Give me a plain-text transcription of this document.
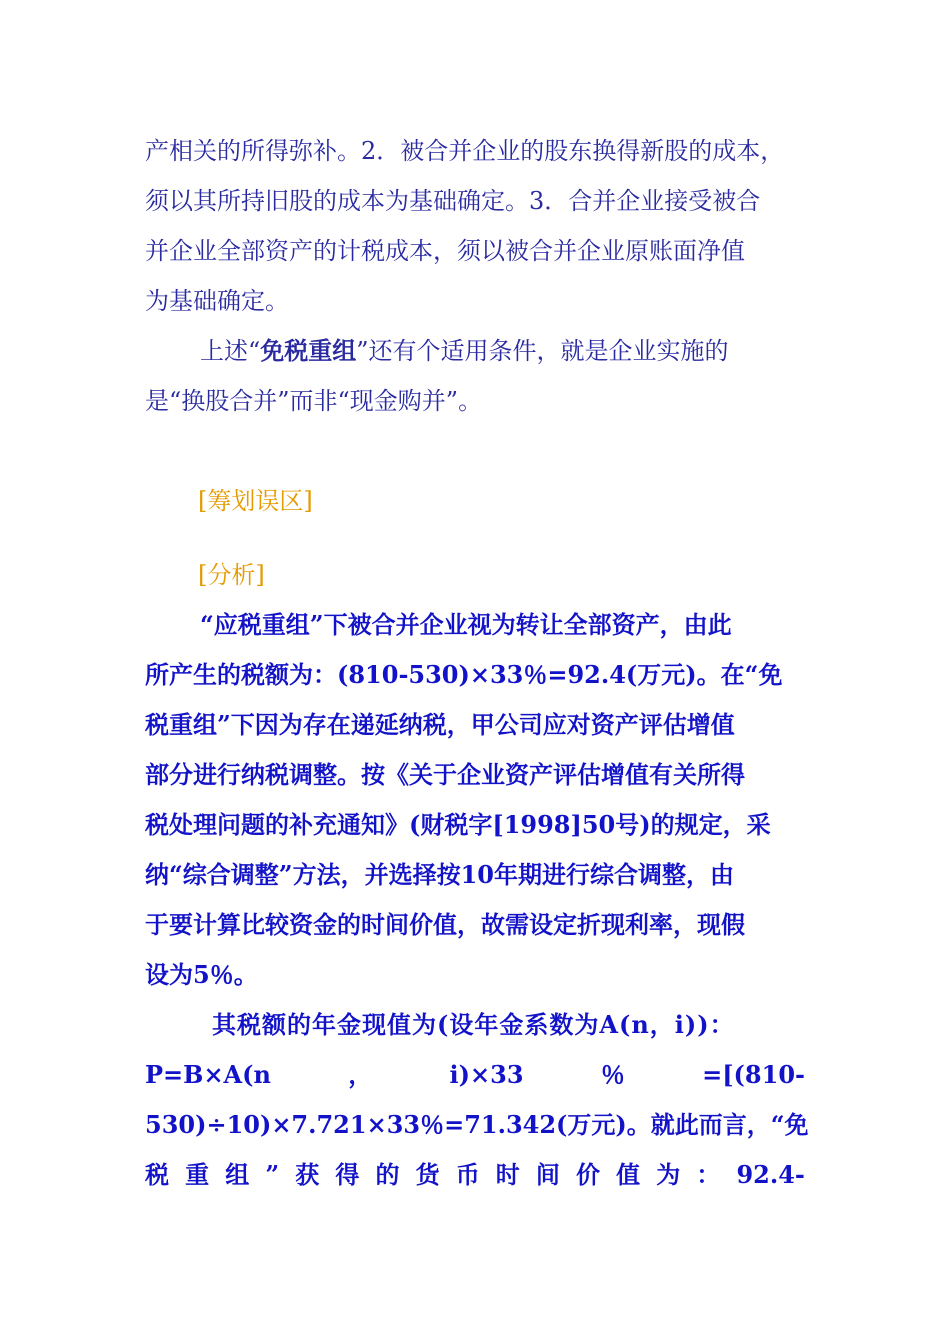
产相关的所得弥补。2．被合并企业的股东换得新股的成本，
须以其所持旧股的成本为基础确定。3．合并企业接受被合
并企业全部资产的计税成本，须以被合并企业原账面净值
为基础确定。
上述“免税重组”还有个适用条件，就是企业实施的
是“换股合并”而非“现金购并”。
[筹划误区]
[分析]
“应税重组”下被合并企业视为转让全部资产，由此
所产生的税额为：(810-530)×33％=92.4(万元)。在“免
税重组”下因为存在递延纳税，甲公司应对资产评估增值
部分进行纳税调整。按《关于企业资产评估增值有关所得
税处理问题的补充通知》(财税字[1998]50号)的规定，采
纳“综合调整”方法，并选择按10年期进行综合调整，由
于要计算比较资金的时间价值，故需设定折现利率，现假
设为5％。
其税额的年金现值为(设年金系数为A(n，i))：
P=B×A(n	，	i)×33	％	=[(810-
530)÷10)×7.721×33％=71.342(万元)。就此而言，“免
税 重 组 ” 获 得 的 货 币 时 间 价 值 为 ： 92.4-
